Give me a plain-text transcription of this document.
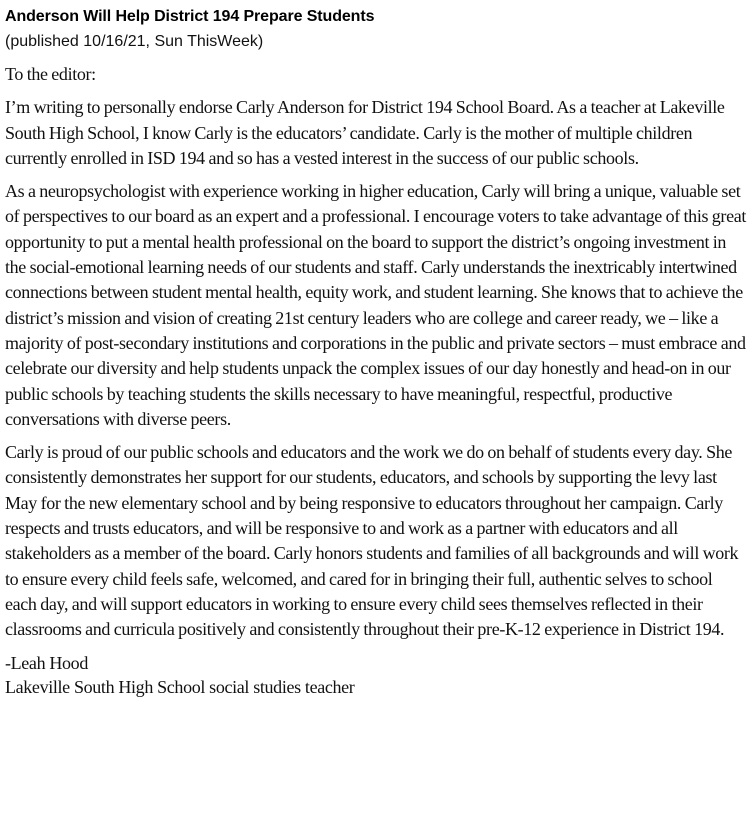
Anderson Will Help District 194 Prepare Students

(published 10/16/21, Sun ThisWeek)

To the editor:

I’m writing to personally endorse Carly Anderson for District 194 School Board. As a teacher at Lakeville South High School, I know Carly is the educators’ candidate. Carly is the mother of multiple children currently enrolled in ISD 194 and so has a vested interest in the success of our public schools.

As a neuropsychologist with experience working in higher education, Carly will bring a unique, valuable set of perspectives to our board as an expert and a professional. I encourage voters to take advantage of this great opportunity to put a mental health professional on the board to support the district’s ongoing investment in the social-emotional learning needs of our students and staff. Carly understands the inextricably intertwined connections between student mental health, equity work, and student learning. She knows that to achieve the district’s mission and vision of creating 21st century leaders who are college and career ready, we – like a majority of post-secondary institutions and corporations in the public and private sectors – must embrace and celebrate our diversity and help students unpack the complex issues of our day honestly and head-on in our public schools by teaching students the skills necessary to have meaningful, respectful, productive conversations with diverse peers.

Carly is proud of our public schools and educators and the work we do on behalf of students every day. She consistently demonstrates her support for our students, educators, and schools by supporting the levy last May for the new elementary school and by being responsive to educators throughout her campaign. Carly respects and trusts educators, and will be responsive to and work as a partner with educators and all stakeholders as a member of the board. Carly honors students and families of all backgrounds and will work to ensure every child feels safe, welcomed, and cared for in bringing their full, authentic selves to school each day, and will support educators in working to ensure every child sees themselves reflected in their classrooms and curricula positively and consistently throughout their pre-K-12 experience in District 194.

-Leah Hood

Lakeville South High School social studies teacher
